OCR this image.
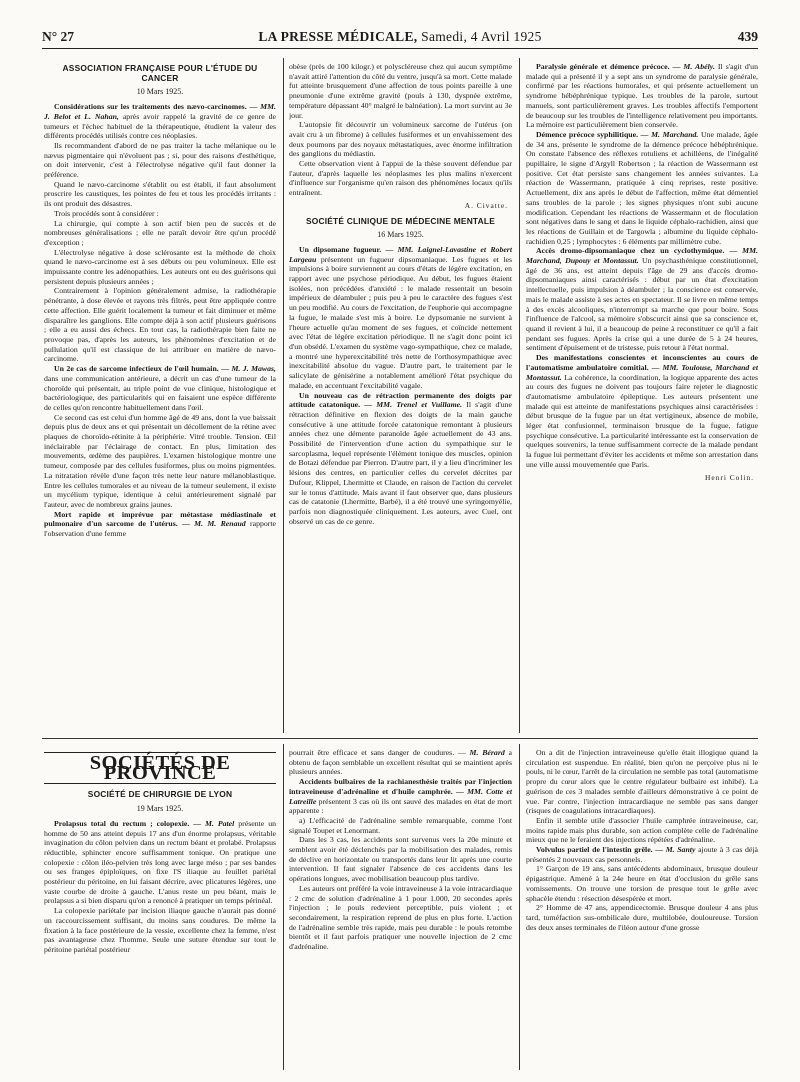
N° 27	LA PRESSE MÉDICALE, Samedi, 4 Avril 1925	439
ASSOCIATION FRANÇAISE POUR L'ÉTUDE DU CANCER
10 Mars 1925.

Considérations sur les traitements des nævo-carcinomes. — MM. J. Belot et L. Nahan, après avoir rappelé la gravité de ce genre de tumeurs et l'échec habituel de la thérapeutique, étudient la valeur des différents procédés utilisés contre ces néoplasies.

Ils recommandent d'abord de ne pas traiter la tache mélanique ou le nævus pigmentaire qui n'évoluent pas ; si, pour des raisons d'esthétique, on doit intervenir, c'est à l'électrolyse négative qu'il faut donner la préférence.

Quand le nævo-carcinome s'établit ou est établi, il faut absolument proscrire les caustiques, les pointes de feu et tous les procédés irritants : ils ont produit des désastres.

Trois procédés sont à considérer :

La chirurgie, qui compte à son actif bien peu de succès et de nombreuses généralisations ; elle ne paraît devoir être qu'un procédé d'exception ;

L'électrolyse négative à dose sclérosante est la méthode de choix quand le nævo-carcinome est à ses débuts ou peu volumineux. Elle est impuissante contre les adénopathies. Les auteurs ont eu des guérisons qui persistent depuis plusieurs années ;

Contrairement à l'opinion généralement admise, la radiothérapie pénétrante, à dose élevée et rayons très filtrés, peut être appliquée contre cette affection. Elle guérit localement la tumeur et fait diminuer et même disparaître les ganglions. Elle compte déjà à son actif plusieurs guérisons ; elle a eu aussi des échecs. En tout cas, la radiothérapie bien faite ne provoque pas, d'après les auteurs, les phénomènes d'excitation et de pullulation qu'il est classique de lui attribuer en matière de nævo-carcinome.

Un 2e cas de sarcome infectieux de l'œil humain. — M. J. Mawas, dans une communication antérieure, a décrit un cas d'une tumeur de la choroïde qui présentait, au triple point de vue clinique, histologique et bactériologique, des particularités qui en faisaient une espèce différente de celles qu'on rencontre habituellement dans l'œil.

Ce second cas est celui d'un homme âgé de 49 ans, dont la vue baissait depuis plus de deux ans et qui présentait un décollement de la rétine avec plaques de choroïdo-rétinite à la périphérie. Vitré trouble. Tension. Œil inéclairable par l'éclairage de contact. En plus, limitation des mouvements, œdème des paupières. L'examen histologique montre une tumeur, composée par des cellules fusiformes, plus ou moins pigmentées. La nitratation révèle d'une façon très nette leur nature mélanoblastique. Entre les cellules tumorales et au niveau de la tumeur seulement, il existe un mycélium typique, identique à celui antérieurement signalé par l'auteur, avec de nombreux grains jaunes.

Mort rapide et imprévue par métastase médiastinale et pulmonaire d'un sarcome de l'utérus. — M. M. Renaud rapporte l'observation d'une femme

obèse (près de 100 kilogr.) et polyscléreuse chez qui aucun symptôme n'avait attiré l'attention du côté du ventre, jusqu'à sa mort. Cette malade fut atteinte brusquement d'une affection de tous points pareille à une pneumonie d'une extrême gravité (pouls à 130, dyspnée extrême, température dépassant 40° malgré le balnéation). La mort survint au 3e jour.

L'autopsie fit découvrir un volumineux sarcome de l'utérus (on avait cru à un fibrome) à cellules fusiformes et un envahissement des deux poumons par des noyaux métastatiques, avec énorme infiltration des ganglions du médiastin.

Cette observation vient à l'appui de la thèse souvent défendue par l'auteur, d'après laquelle les néoplasmes les plus malins n'exercent d'influence sur l'organisme qu'en raison des phénomènes locaux qu'ils entraînent.

A. Civatte.
SOCIÉTÉ CLINIQUE DE MÉDECINE MENTALE
16 Mars 1925.

Un dipsomane fugueur. — MM. Laignel-Lavastine et Robert Largeau présentent un fugueur dipsomaniaque. Les fugues et les impulsions à boire surviennent au cours d'états de légère excitation, en rapport avec une psychose périodique. Au début, les fugues étaient isolées, non précédées d'anxiété : le malade ressentait un besoin impérieux de déambuler ; puis peu à peu le caractère des fugues s'est un peu modifié. Au cours de l'excitation, de l'euphorie qui accompagne la fugue, le malade s'est mis à boire. Le dypsomanie ne survient à l'heure actuelle qu'au moment de ses fugues, et coïncide nettement avec l'état de légère excitation périodique. Il ne s'agit donc point ici d'un obsédé. L'examen du système vago-sympathique, chez ce malade, a montré une hyperexcitabilité très nette de l'orthosympathique avec inexcitabilité absolue du vague. D'autre part, le traitement par le salicylate de génisérine a notablement amélioré l'état psychique du malade, en accentuant l'excitabilité vagale.

Un nouveau cas de rétraction permanente des doigts par attitude catatonique. — MM. Trenel et Vuillame. Il s'agit d'une rétraction définitive en flexion des doigts de la main gauche consécutive à une attitude forcée catatonique remontant à plusieurs années chez une démente paranoïde âgée actuellement de 43 ans. Possibilité de l'intervention d'une action du sympathique sur le sarcoplasma, lequel représente l'élément tonique des muscles, opinion de Botazi défendue par Pierron. D'autre part, il y a lieu d'incriminer les lésions des centres, en particulier celles du cervelet décrites par Dufour, Klippel, Lhermitte et Claude, en raison de l'action du cervelet sur le tonus d'attitude. Mais avant il faut observer que, dans plusieurs cas de catatonie (Lhermitte, Barbé), il a été trouvé une syringomyélie, parfois non diagnostiquée cliniquement. Les auteurs, avec Cuel, ont observé un cas de ce genre.

Paralysie générale et démence précoce. — M. Abély. Il s'agit d'un malade qui a présenté il y a sept ans un syndrome de paralysie générale, confirmé par les réactions humorales, et qui présente actuellement un syndrome hébéphrénique typique. Les troubles de la parole, surtout manuels, sont particulièrement graves. Les troubles affectifs l'emportent de beaucoup sur les troubles de l'intelligence relativement peu importants. La mémoire est particulièrement bien conservée.

Démence précoce syphilitique. — M. Marchand. Une malade, âgée de 34 ans, présente le syndrome de la démence précoce hébéphrénique. On constate l'absence des réflexes rotuliens et achilléens, de l'inégalité pupillaire, le signe d'Argyll Robertson ; la réaction de Wassermann est positive. Cet état persiste sans changement les années suivantes. La réaction de Wassermann, pratiquée à cinq reprises, reste positive. Actuellement, dix ans après le début de l'affection, même état démentiel sans troubles de la parole ; les signes physiques n'ont subi aucune modification. Cependant les réactions de Wassermann et de floculation sont négatives dans le sang et dans le liquide céphalo-rachidien, ainsi que les réactions de Guillain et de Targowla ; albumine du liquide céphalo-rachidien 0,25 ; lymphocytes : 6 éléments par millimètre cube.

Accès dromo-dipsomaniaque chez un cyclothymique. — MM. Marchand, Dupouy et Montassut. Un psychasthénique constitutionnel, âgé de 36 ans, est atteint depuis l'âge de 29 ans d'accès dromo-dipsomaniaques ainsi caractérisés : début par un état d'excitation intellectuelle, puis impulsion à déambuler ; la conscience est conservée, mais le malade assiste à ses actes en spectateur. Il se livre en même temps à des excès alcooliques, n'interrompt sa marche que pour boire. Sous l'influence de l'alcool, sa mémoire s'obscurcit ainsi que sa conscience et, quand il revient à lui, il a beaucoup de peine à reconstituer ce qu'il a fait pendant ses fugues. Après la crise qui a une durée de 5 à 24 heures, sentiment d'épuisement et de tristesse, puis retour à l'état normal.

Des manifestations conscientes et inconscientes au cours de l'automatisme ambulatoire comitial. — MM. Toulouse, Marchand et Montassut. La cohérence, la coordination, la logique apparente des actes au cours des fugues ne doivent pas toujours faire rejeter le diagnostic d'automatisme ambulatoire épileptique. Les auteurs présentent une malade qui est atteinte de manifestations psychiques ainsi caractérisées : début brusque de la fugue par un état vertigineux, absence de mobile, léger état confusionnel, terminaison brusque de la fugue, fatigue psychique consécutive. La particularité intéressante est la conservation de quelques souvenirs, la tenue suffisamment correcte de la malade pendant la fugue lui permettant d'éviter les accidents et même son arrestation dans une ville aussi mouvementée que Paris.

Henri Colin.
SOCIÉTÉS DE PROVINCE
SOCIÉTÉ DE CHIRURGIE DE LYON
19 Mars 1925.

Prolapsus total du rectum ; colopexie. — M. Patel présente un homme de 50 ans atteint depuis 17 ans d'un énorme prolapsus, véritable invagination du côlon pelvien dans un rectum béant et prolabé. Prolapsus réductible, sphincter encore suffisamment tonique. On pratique une colopexie : côlon iléo-pelvien très long avec large méso ; par ses bandes ou ses franges épiploïques, on fixe l'S iliaque au feuillet pariétal postérieur du péritoine, en lui faisant décrire, avec plicatures légères, une vaste courbe de droite à gauche. L'anus reste un peu béant, mais le prolapsus a si bien disparu qu'on a renoncé à pratiquer un temps périnéal.

La colopexie pariétale par incision iliaque gauche n'aurait pas donné un raccourcissement suffisant, du moins sans coudures. De même la fixation à la face postérieure de la vessie, excellente chez la femme, n'est pas avantageuse chez l'homme. Seule une suture étendue sur tout le péritoine pariétal postérieur

pourrait être efficace et sans danger de coudures. — M. Bérard a obtenu de façon semblable un excellent résultat qui se maintient après plusieurs années.

Accidents bulbaires de la rachianesthésie traités par l'injection intraveineuse d'adrénaline et d'huile camphrée. — MM. Cotte et Latreille présentent 3 cas où ils ont sauvé des malades en état de mort apparente :

a) L'efficacité de l'adrénaline semble remarquable, comme l'ont signalé Toupet et Lenormant.

Dans les 3 cas, les accidents sont survenus vers la 20e minute et semblent avoir été déclenchés par la mobilisation des malades, remis de déclive en horizontale ou transportés dans leur lit après une courte intervention. Il faut signaler l'absence de ces accidents dans les opérations longues, avec mobilisation beaucoup plus tardive.

Les auteurs ont préféré la voie intraveineuse à la voie intracardiaque : 2 cmc de solution d'adrénaline à 1 pour 1.000, 20 secondes après l'injection ; le pouls redevient perceptible, puis violent ; et secondairement, la respiration reprend de plus en plus forte. L'action de l'adrénaline semble très rapide, mais peu durable : le pouls retombe bientôt et il faut parfois pratiquer une nouvelle injection de 2 cmc d'adrénaline.

On a dit de l'injection intraveineuse qu'elle était illogique quand la circulation est suspendue. En réalité, bien qu'on ne perçoive plus ni le pouls, ni le cœur, l'arrêt de la circulation ne semble pas total (automatisme propre du cœur alors que le centre régulateur bulbaire est inhibé). La guérison de ces 3 malades semble d'ailleurs démonstrative à ce point de vue. Par contre, l'injection intracardiaque ne semble pas sans danger (risques de coagulations intracardiaques).

Enfin il semble utile d'associer l'huile camphrée intraveineuse, car, moins rapide mais plus durable, son action complète celle de l'adrénaline mieux que ne le feraient des injections répétées d'adrénaline.

Volvulus partiel de l'intestin grêle. — M. Santy ajoute à 3 cas déjà présentés 2 nouveaux cas personnels.

1° Garçon de 19 ans, sans antécédents abdominaux, brusque douleur épigastrique. Amené à la 24e heure en état d'occlusion du grêle sans vomissements. On trouve une torsion de presque tout le grêle avec sphacèle étendu : résection désespérée et mort.

2° Homme de 47 ans, appendicectomie. Brusque douleur 4 ans plus tard, tuméfaction sus-ombilicale dure, multilobée, douloureuse. Torsion des deux anses terminales de l'iléon autour d'une grosse
